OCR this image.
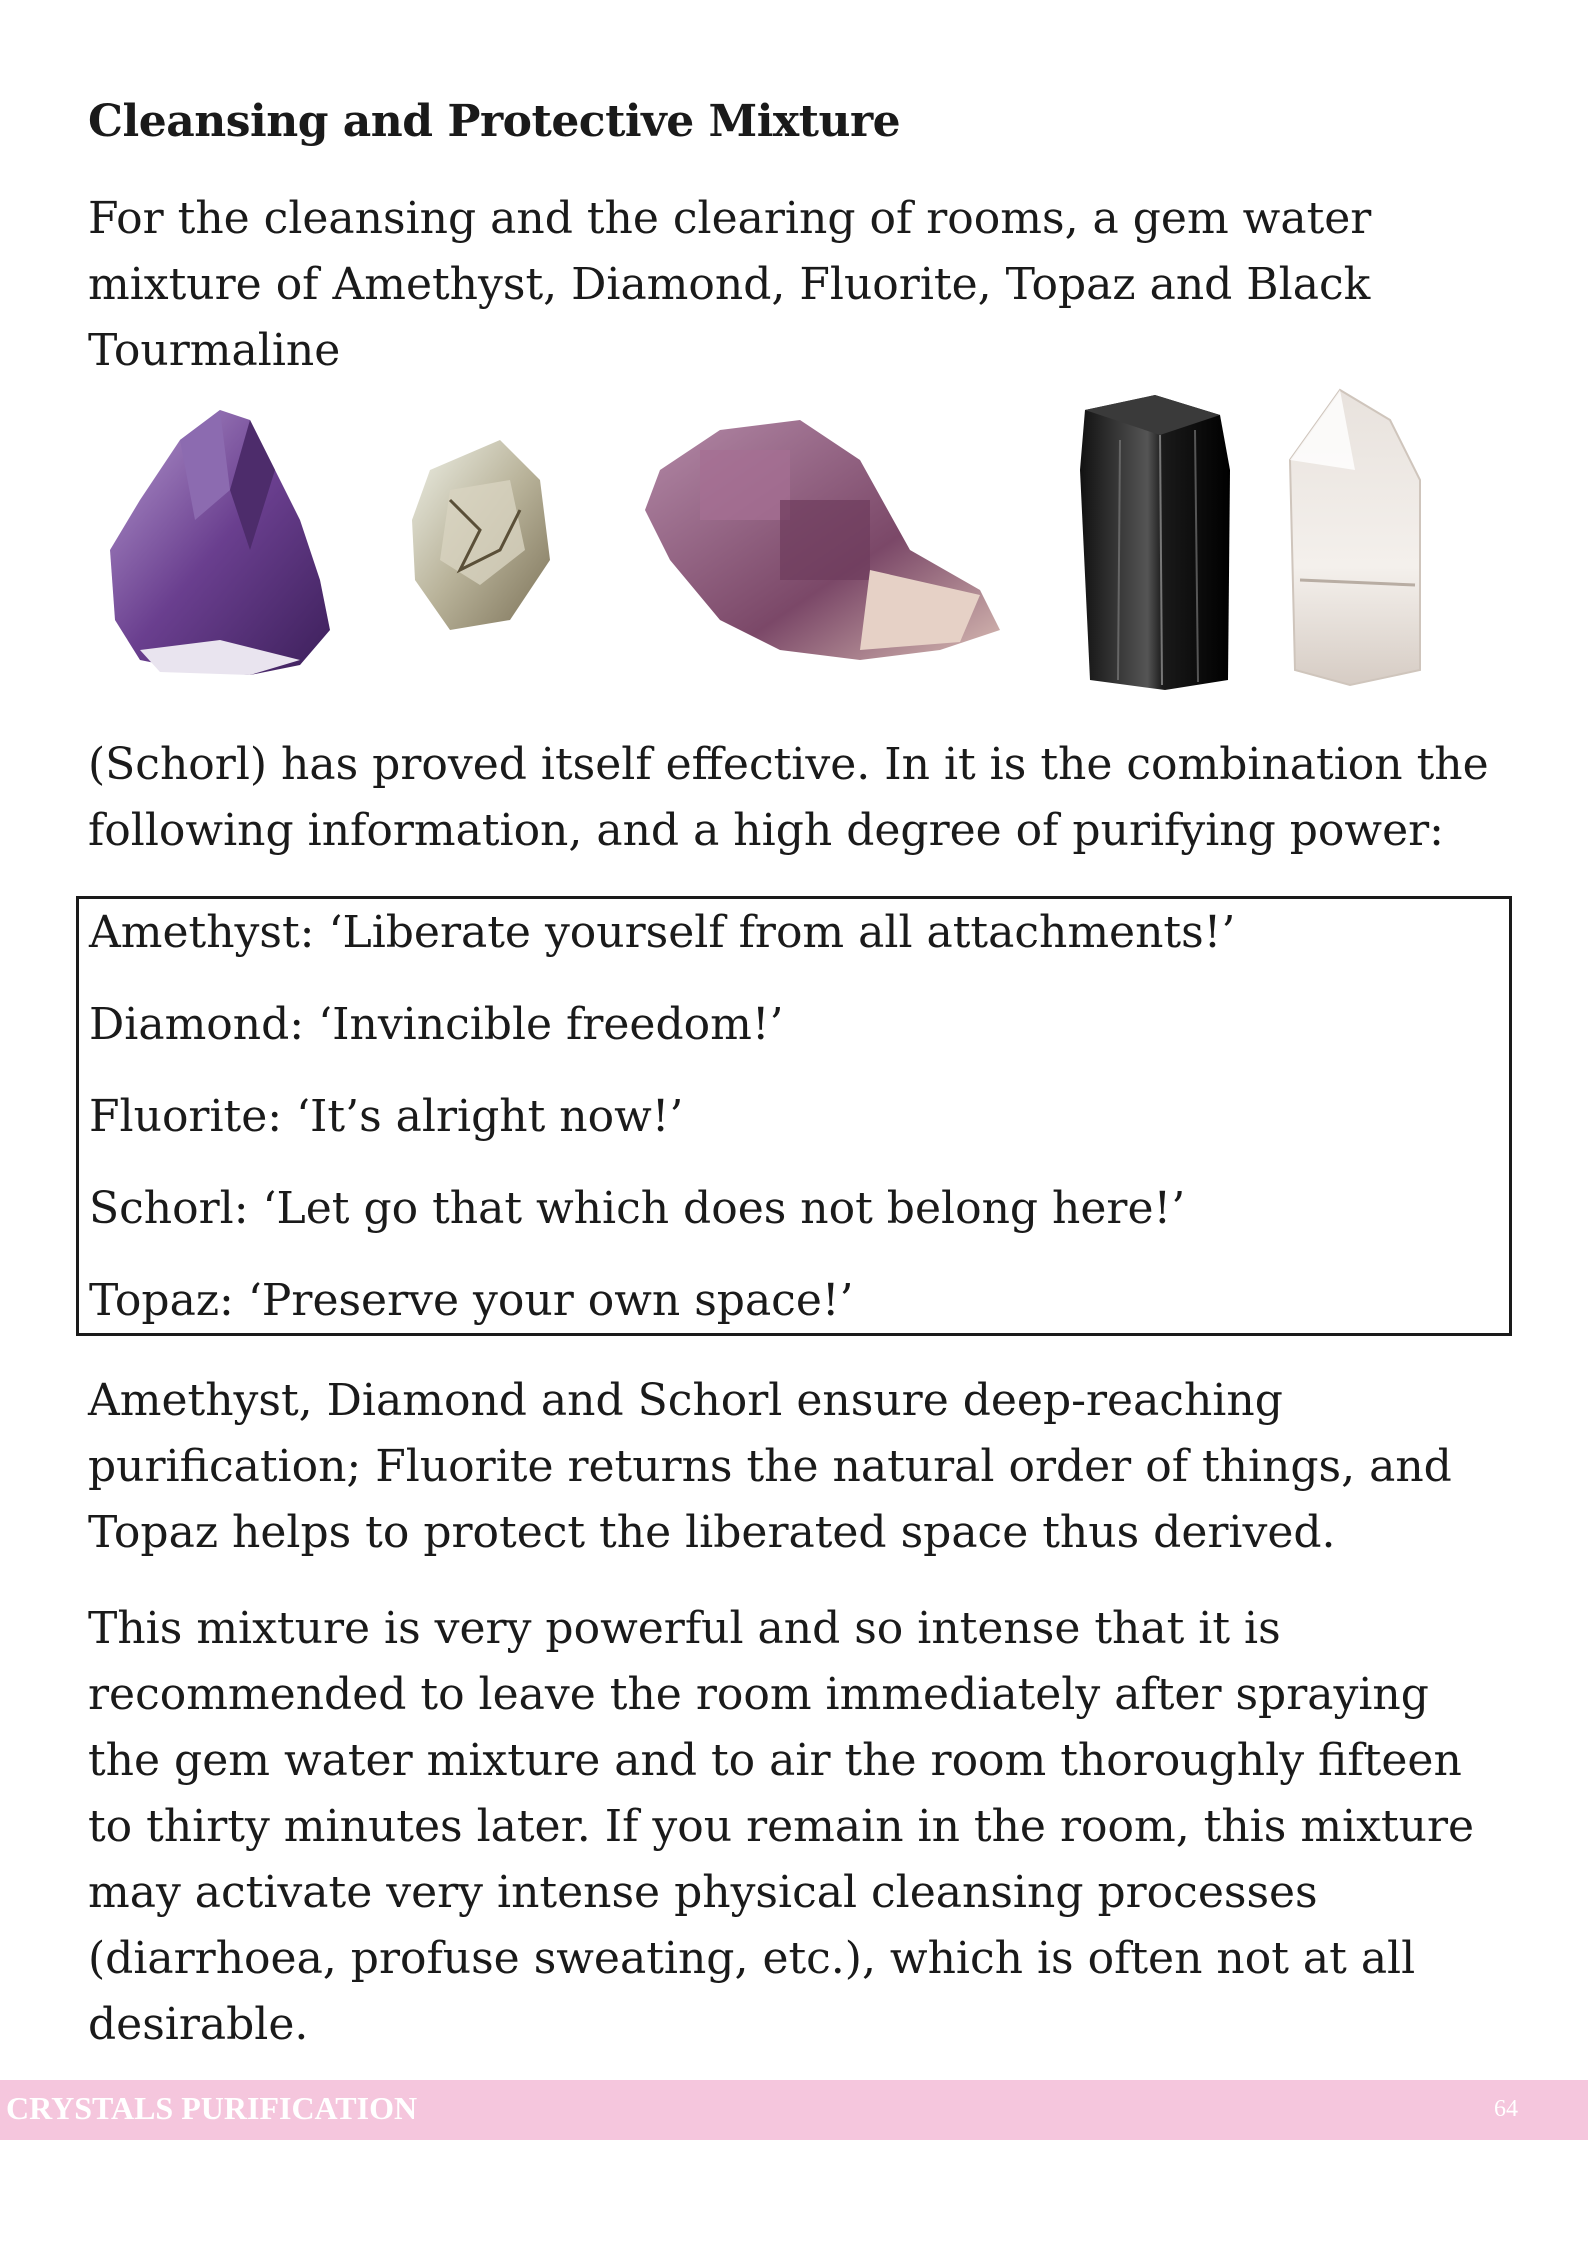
Cleansing and Protective Mixture

For the cleansing and the clearing of rooms, a gem water mixture of Amethyst, Diamond, Fluorite, Topaz and Black Tourmaline

(Schorl) has proved itself effective. In it is the combination the following information, and a high degree of purifying power:

Amethyst: ‘Liberate yourself from all attachments!’

Diamond: ‘Invincible freedom!’

Fluorite: ‘It’s alright now!’

Schorl: ‘Let go that which does not belong here!’

Topaz: ‘Preserve your own space!’

Amethyst, Diamond and Schorl ensure deep-reaching purification; Fluorite returns the natural order of things, and Topaz helps to protect the liberated space thus derived.

This mixture is very powerful and so intense that it is recommended to leave the room immediately after spraying the gem water mixture and to air the room thoroughly fifteen to thirty minutes later. If you remain in the room, this mixture may activate very intense physical cleansing processes (diarrhoea, profuse sweating, etc.), which is often not at all desirable.

CRYSTALS PURIFICATION	64
